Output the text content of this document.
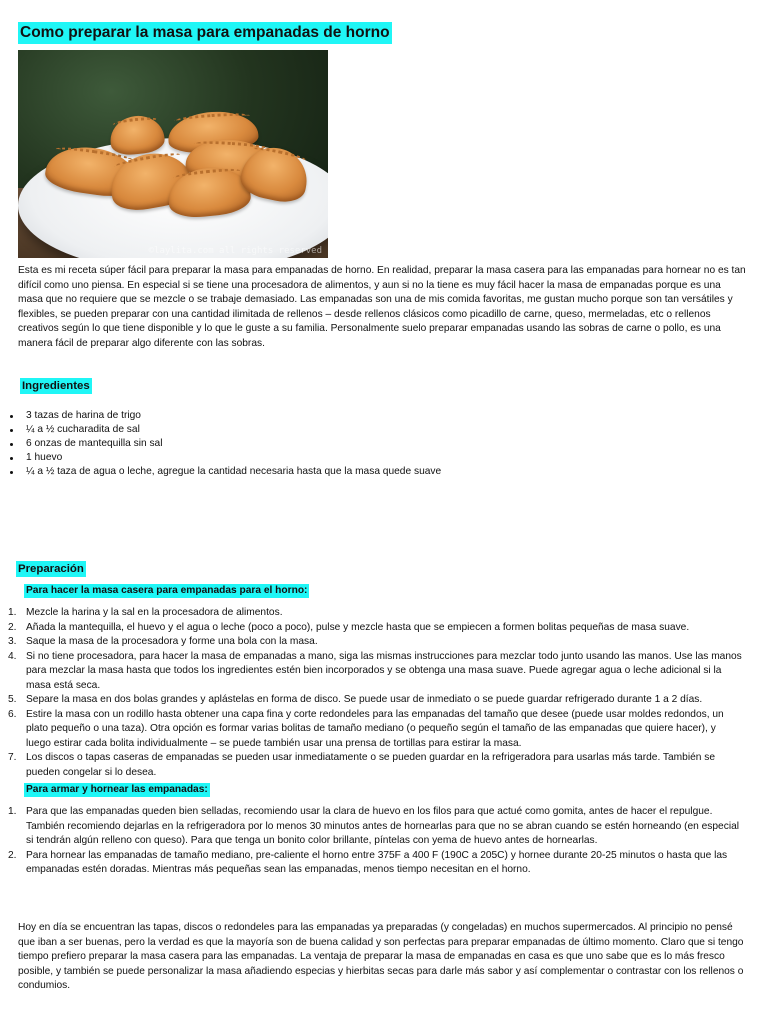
Como preparar la masa para empanadas de horno
©laylita.com all rights reserved

Esta es mi receta súper fácil para preparar la masa para empanadas de horno. En realidad, preparar la masa casera para las empanadas para hornear no es tan difícil como uno piensa. En especial si se tiene una procesadora de alimentos, y aun si no la tiene es muy fácil hacer la masa de empanadas porque es una masa que no requiere que se mezcle o se trabaje demasiado. Las empanadas son una de mis comida favoritas, me gustan mucho porque son tan versátiles y flexibles, se pueden preparar con una cantidad ilimitada de rellenos – desde rellenos clásicos como picadillo de carne, queso, mermeladas, etc o rellenos creativos según lo que tiene disponible y lo que le guste a su familia. Personalmente suelo preparar empanadas usando las sobras de carne o pollo, es una manera fácil de preparar algo diferente con las sobras.

Ingredientes
3 tazas de harina de trigo
¼ a ½ cucharadita de sal
6 onzas de mantequilla sin sal
1 huevo
¼ a ½ taza de agua o leche, agregue la cantidad necesaria hasta que la masa quede suave
Preparación
Para hacer la masa casera para empanadas para el horno:
1. Mezcle la harina y la sal en la procesadora de alimentos.
2. Añada la mantequilla, el huevo y el agua o leche (poco a poco), pulse y mezcle hasta que se empiecen a formen bolitas pequeñas de masa suave.
3. Saque la masa de la procesadora y forme una bola con la masa.
4. Si no tiene procesadora, para hacer la masa de empanadas a mano, siga las mismas instrucciones para mezclar todo junto usando las manos. Use las manos para mezclar la masa hasta que todos los ingredientes estén bien incorporados y se obtenga una masa suave. Puede agregar agua o leche adicional si la masa está seca.
5. Separe la masa en dos bolas grandes y aplástelas en forma de disco. Se puede usar de inmediato o se puede guardar refrigerado durante 1 a 2 días.
6. Estire la masa con un rodillo hasta obtener una capa fina y corte redondeles para las empanadas del tamaño que desee (puede usar moldes redondos, un plato pequeño o una taza). Otra opción es formar varias bolitas de tamaño mediano (o pequeño según el tamaño de las empanadas que quiere hacer), y luego estirar cada bolita individualmente – se puede también usar una prensa de tortillas para estirar la masa.
7. Los discos o tapas caseras de empanadas se pueden usar inmediatamente o se pueden guardar en la refrigeradora para usarlas más tarde. También se pueden congelar si lo desea.
Para armar y hornear las empanadas:
1. Para que las empanadas queden bien selladas, recomiendo usar la clara de huevo en los filos para que actué como gomita, antes de hacer el repulgue. También recomiendo dejarlas en la refrigeradora por lo menos 30 minutos antes de hornearlas para que no se abran cuando se estén horneando (en especial si tendrán algún relleno con queso). Para que tenga un bonito color brillante, píntelas con yema de huevo antes de hornearlas.
2. Para hornear las empanadas de tamaño mediano, pre-caliente el horno entre 375F a 400 F (190C a 205C) y hornee durante 20-25 minutos o hasta que las empanadas estén doradas. Mientras más pequeñas sean las empanadas, menos tiempo necesitan en el horno.

Hoy en día se encuentran las tapas, discos o redondeles para las empanadas ya preparadas (y congeladas) en muchos supermercados. Al principio no pensé que iban a ser buenas, pero la verdad es que la mayoría son de buena calidad y son perfectas para preparar empanadas de último momento. Claro que si tengo tiempo prefiero preparar la masa casera para las empanadas. La ventaja de preparar la masa de empanadas en casa es que uno sabe que es lo más fresco posible, y también se puede personalizar la masa añadiendo especias y hierbitas secas para darle más sabor y así complementar o contrastar con los rellenos o condumios.
